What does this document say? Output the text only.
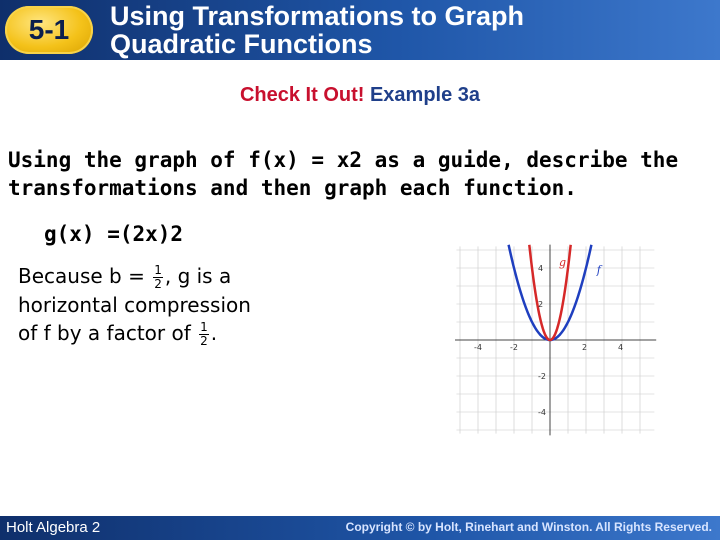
5-1	Using Transformations to Graph
Quadratic Functions
Check It Out! Example 3a
Using the graph of f(x) = x2 as a guide, describe the
transformations and then graph each function.
g(x) =(2x)2
Because $b = \frac{1}{2}$ , g is a
horizontal compression
of f by a factor of $\frac{1}{2}$ .
g
f
-4	-2	2	4
4
2
-2
-4
Holt Algebra 2	Copyright © by Holt, Rinehart and Winston. All Rights Reserved.
